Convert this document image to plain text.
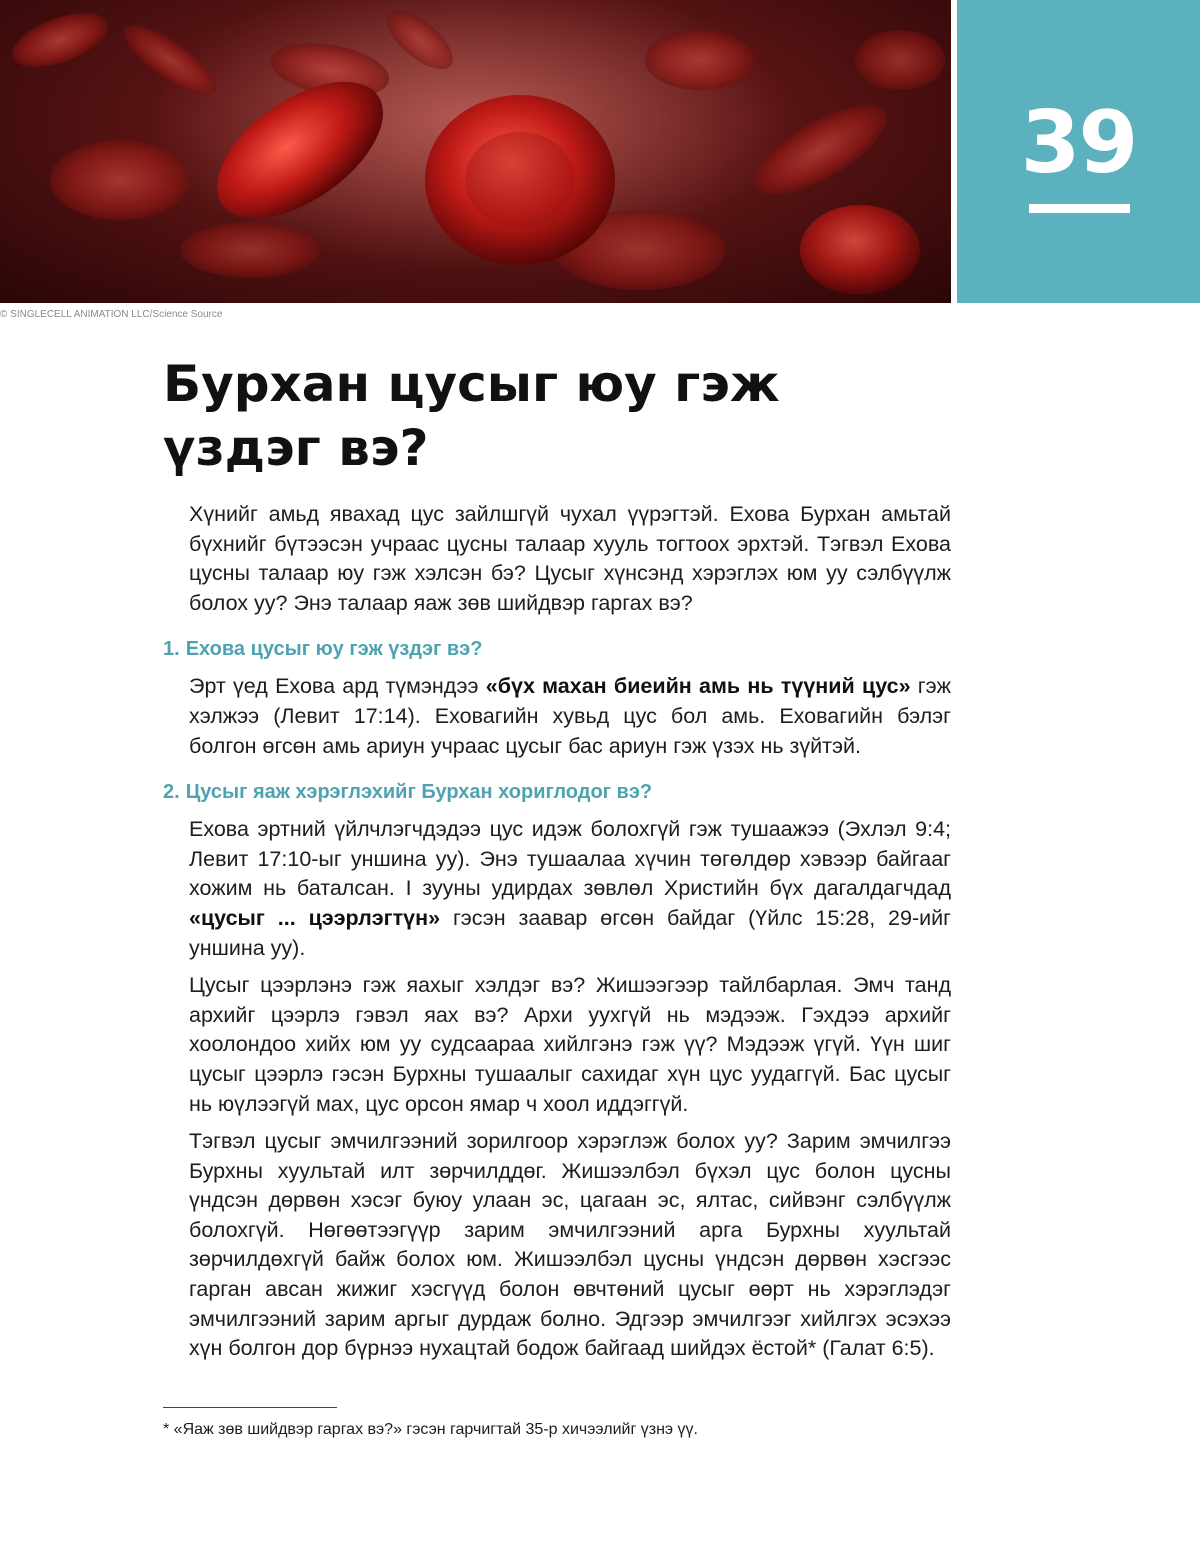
39
© SINGLECELL ANIMATION LLC/Science Source
Бурхан цусыг юу гэж
үздэг вэ?

Хүнийг амьд явахад цус зайлшгүй чухал үүрэгтэй. Ехова Бурхан амьтай бүхнийг бүтээсэн учраас цусны талаар хууль тогтоох эрхтэй. Тэгвэл Ехова цусны талаар юу гэж хэлсэн бэ? Цусыг хүнсэнд хэрэглэх юм уу сэлбүүлж болох уу? Энэ талаар яаж зөв шийдвэр гаргах вэ?

1. Ехова цусыг юу гэж үздэг вэ?

Эрт үед Ехова ард түмэндээ «бүх махан биеийн амь нь түүний цус» гэж хэлжээ (Левит 17:14). Еховагийн хувьд цус бол амь. Еховагийн бэлэг болгон өгсөн амь ариун учраас цусыг бас ариун гэж үзэх нь зүйтэй.

2. Цусыг яаж хэрэглэхийг Бурхан хориглодог вэ?

Ехова эртний үйлчлэгчдэдээ цус идэж болохгүй гэж тушаажээ (Эхлэл 9:4; Левит 17:10-ыг уншина уу). Энэ тушаалаа хүчин төгөлдөр хэвээр байгааг хожим нь баталсан. I зууны удирдах зөвлөл Христийн бүх дагалдагчдад «цусыг ... цээрлэгтүн» гэсэн заавар өгсөн байдаг (Үйлс 15:28, 29-ийг уншина уу).

Цусыг цээрлэнэ гэж яахыг хэлдэг вэ? Жишээгээр тайлбарлая. Эмч танд архийг цээрлэ гэвэл яах вэ? Архи уухгүй нь мэдээж. Гэхдээ архийг хоолондоо хийх юм уу судсаараа хийлгэнэ гэж үү? Мэдээж үгүй. Үүн шиг цусыг цээрлэ гэсэн Бурхны тушаалыг сахидаг хүн цус уудаггүй. Бас цусыг нь юүлээгүй мах, цус орсон ямар ч хоол иддэггүй.

Тэгвэл цусыг эмчилгээний зорилгоор хэрэглэж болох уу? Зарим эмчилгээ Бурхны хуультай илт зөрчилддөг. Жишээлбэл бүхэл цус болон цусны үндсэн дөрвөн хэсэг буюу улаан эс, цагаан эс, ялтас, сийвэнг сэлбүүлж болохгүй. Нөгөөтээгүүр зарим эмчилгээний арга Бурхны хуультай зөрчилдөхгүй байж болох юм. Жишээлбэл цусны үндсэн дөрвөн хэсгээс гарган авсан жижиг хэсгүүд болон өвчтөний цусыг өөрт нь хэрэглэдэг эмчилгээний зарим аргыг дурдаж болно. Эдгээр эмчилгээг хийлгэх эсэхээ хүн болгон дор бүрнээ нухацтай бодож байгаад шийдэх ёстой* (Галат 6:5).

* «Яаж зөв шийдвэр гаргах вэ?» гэсэн гарчигтай 35-р хичээлийг үзнэ үү.
